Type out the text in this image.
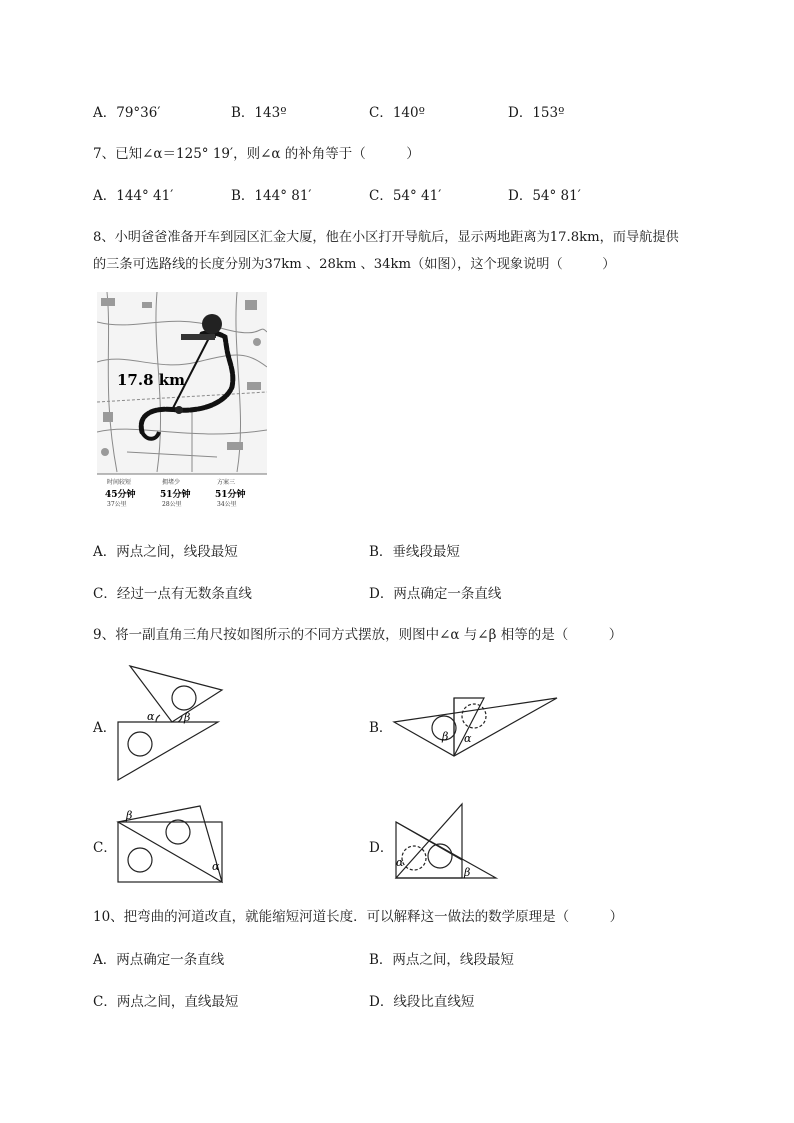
A．79°36′	B．143º	C．140º	D．153º
7、已知∠α＝125° 19′，则∠α 的补角等于（　　　）
A．144° 41′	B．144° 81′	C．54° 41′	D．54° 81′
8、小明爸爸准备开车到园区汇金大厦，他在小区打开导航后，显示两地距离为17.8km，而导航提供
的三条可选路线的长度分别为37km 、28km 、34km（如图），这个现象说明（　　　）
17.8 km
时间较短
45分钟
37公里
拥堵少
51分钟
28公里
方案三
51分钟
34公里
A．两点之间，线段最短	B．垂线段最短
C．经过一点有无数条直线	D．两点确定一条直线
9、将一副直角三角尺按如图所示的不同方式摆放，则图中∠α 与∠β 相等的是（　　　）
A．	B．
C．	D．
α	β
β α
β
α	α
β
10、把弯曲的河道改直，就能缩短河道长度．可以解释这一做法的数学原理是（　　　）
A．两点确定一条直线	B．两点之间，线段最短
C．两点之间，直线最短	D．线段比直线短
